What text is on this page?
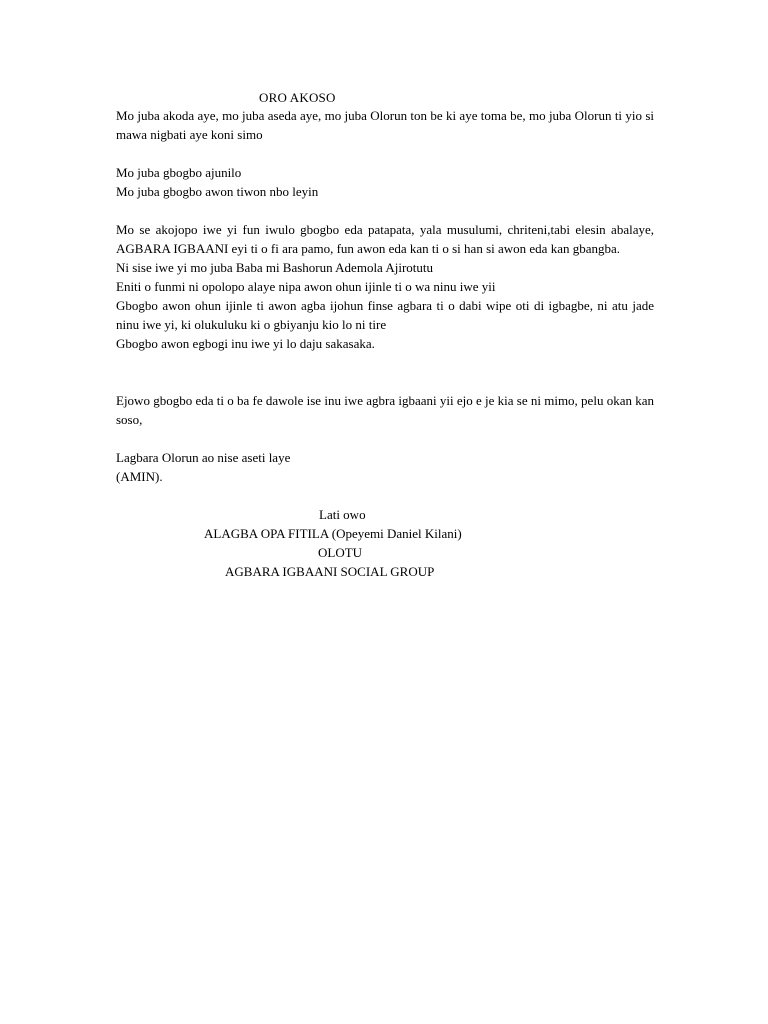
ORO AKOSO

Mo juba akoda aye, mo juba aseda aye, mo juba Olorun ton be ki aye toma be, mo juba Olorun ti yio si mawa nigbati aye koni simo

Mo juba gbogbo ajunilo
Mo juba gbogbo awon tiwon nbo leyin
Mo se akojopo iwe yi fun iwulo gbogbo eda patapata, yala musulumi, chriteni,tabi elesin abalaye, AGBARA IGBAANI eyi ti o fi ara pamo, fun awon eda kan ti o si han si awon eda kan gbangba.
Ni sise iwe yi mo juba Baba mi Bashorun Ademola Ajirotutu
Eniti o funmi ni opolopo alaye nipa awon ohun ijinle ti o wa ninu iwe yii
Gbogbo awon ohun ijinle ti awon agba ijohun finse agbara ti o dabi wipe oti di igbagbe, ni atu jade ninu iwe yi, ki olukuluku ki o gbiyanju kio lo ni tire
Gbogbo awon egbogi inu iwe yi lo daju sakasaka.

Ejowo gbogbo eda ti o ba fe dawole ise inu iwe agbra igbaani yii ejo e je kia se ni mimo, pelu okan kan soso,

Lagbara Olorun ao nise aseti laye
(AMIN).
Lati owo
ALAGBA OPA FITILA (Opeyemi Daniel Kilani)
OLOTU
AGBARA IGBAANI SOCIAL GROUP
